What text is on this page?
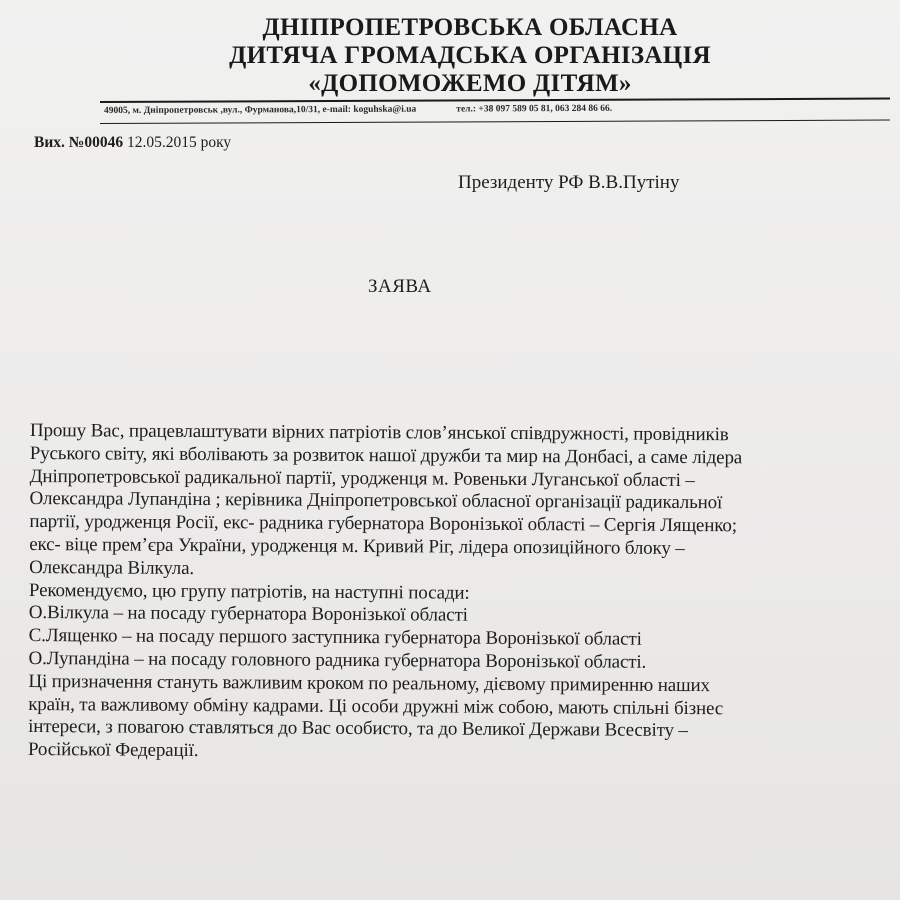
ДНІПРОПЕТРОВСЬКА ОБЛАСНА
ДИТЯЧА ГРОМАДСЬКА ОРГАНІЗАЦІЯ
«ДОПОМОЖЕМО ДІТЯМ»
49005, м. Дніпропетровськ ,вул., Фурманова,10/31, e-mail: koguhska@i.ua	тел.: +38 097 589 05 81, 063 284 86 66.
Вих. №00046 12.05.2015 року
Президенту РФ В.В.Путіну
ЗАЯВА
Прошу Вас, працевлаштувати вірних патріотів слов’янської співдружності, провідників
Руського світу, які вболівають за розвиток нашої дружби та мир на Донбасі, а саме лідера
Дніпропетровської радикальної партії, уродженця м. Ровеньки Луганської області –
Олександра Лупандіна ; керівника Дніпропетровської обласної організації радикальної
партії, уродженця Росії, екс- радника губернатора Воронізької області – Сергія Лященко;
екс- віце прем’єра України, уродженця м. Кривий Ріг, лідера опозиційного блоку –
Олександра Вілкула.
Рекомендуємо, цю групу патріотів, на наступні посади:
О.Вілкула – на посаду губернатора Воронізької області
С.Лященко – на посаду першого заступника губернатора Воронізької області
О.Лупандіна – на посаду головного радника губернатора Воронізької області.
Ці призначення стануть важливим кроком по реальному, дієвому примиренню наших
країн, та важливому обміну кадрами. Ці особи дружні між собою, мають спільні бізнес
інтереси, з повагою ставляться до Вас особисто, та до Великої Держави Всесвіту –
Російської Федерації.
